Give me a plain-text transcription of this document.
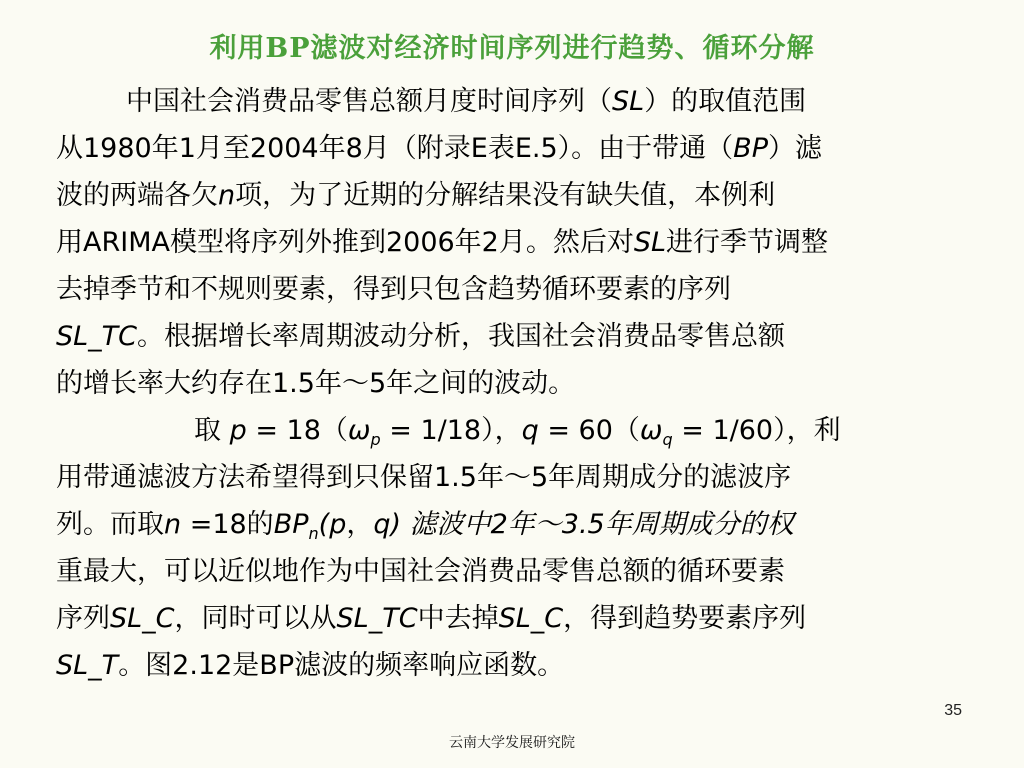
利用BP滤波对经济时间序列进行趋势、循环分解
中国社会消费品零售总额月度时间序列（SL）的取值范围
从1980年1月至2004年8月（附录E表E.5）。由于带通（BP）滤
波的两端各欠n项，为了近期的分解结果没有缺失值，本例利
用ARIMA模型将序列外推到2006年2月。然后对SL进行季节调整
去掉季节和不规则要素，得到只包含趋势循环要素的序列
SL_TC。根据增长率周期波动分析，我国社会消费品零售总额
的增长率大约存在1.5年～5年之间的波动。
取 $p = 18(\omega_p = 1/18)$，$q = 60(\omega_q = 1/60)$，利
用带通滤波方法希望得到只保留1.5年～5年周期成分的滤波序
列。而取n =18的$BP_n(p$，q) 滤波中2年～3.5年周期成分的权
重最大，可以近似地作为中国社会消费品零售总额的循环要素
序列SL_C，同时可以从SL_TC中去掉SL_C，得到趋势要素序列
SL_T。图2.12是BP滤波的频率响应函数。
35
云南大学发展研究院
